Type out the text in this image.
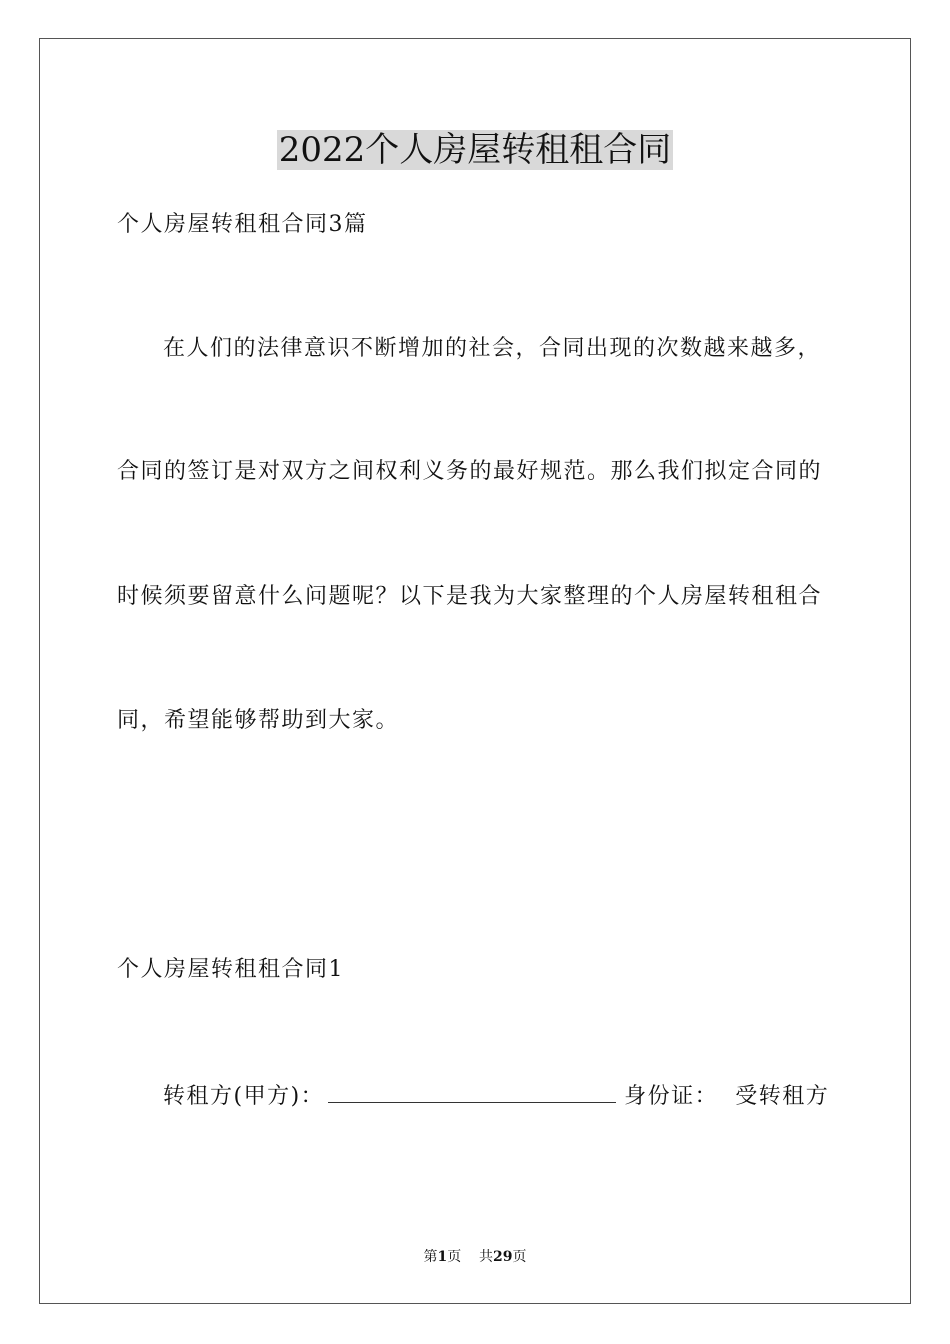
2022个人房屋转租租合同
个人房屋转租租合同3篇
在人们的法律意识不断增加的社会，合同出现的次数越来越多，
合同的签订是对双方之间权利义务的最好规范。那么我们拟定合同的
时候须要留意什么问题呢？以下是我为大家整理的个人房屋转租租合
同，希望能够帮助到大家。
个人房屋转租租合同1
转租方(甲方)：	身份证： 受转租方
第1页 共29页
